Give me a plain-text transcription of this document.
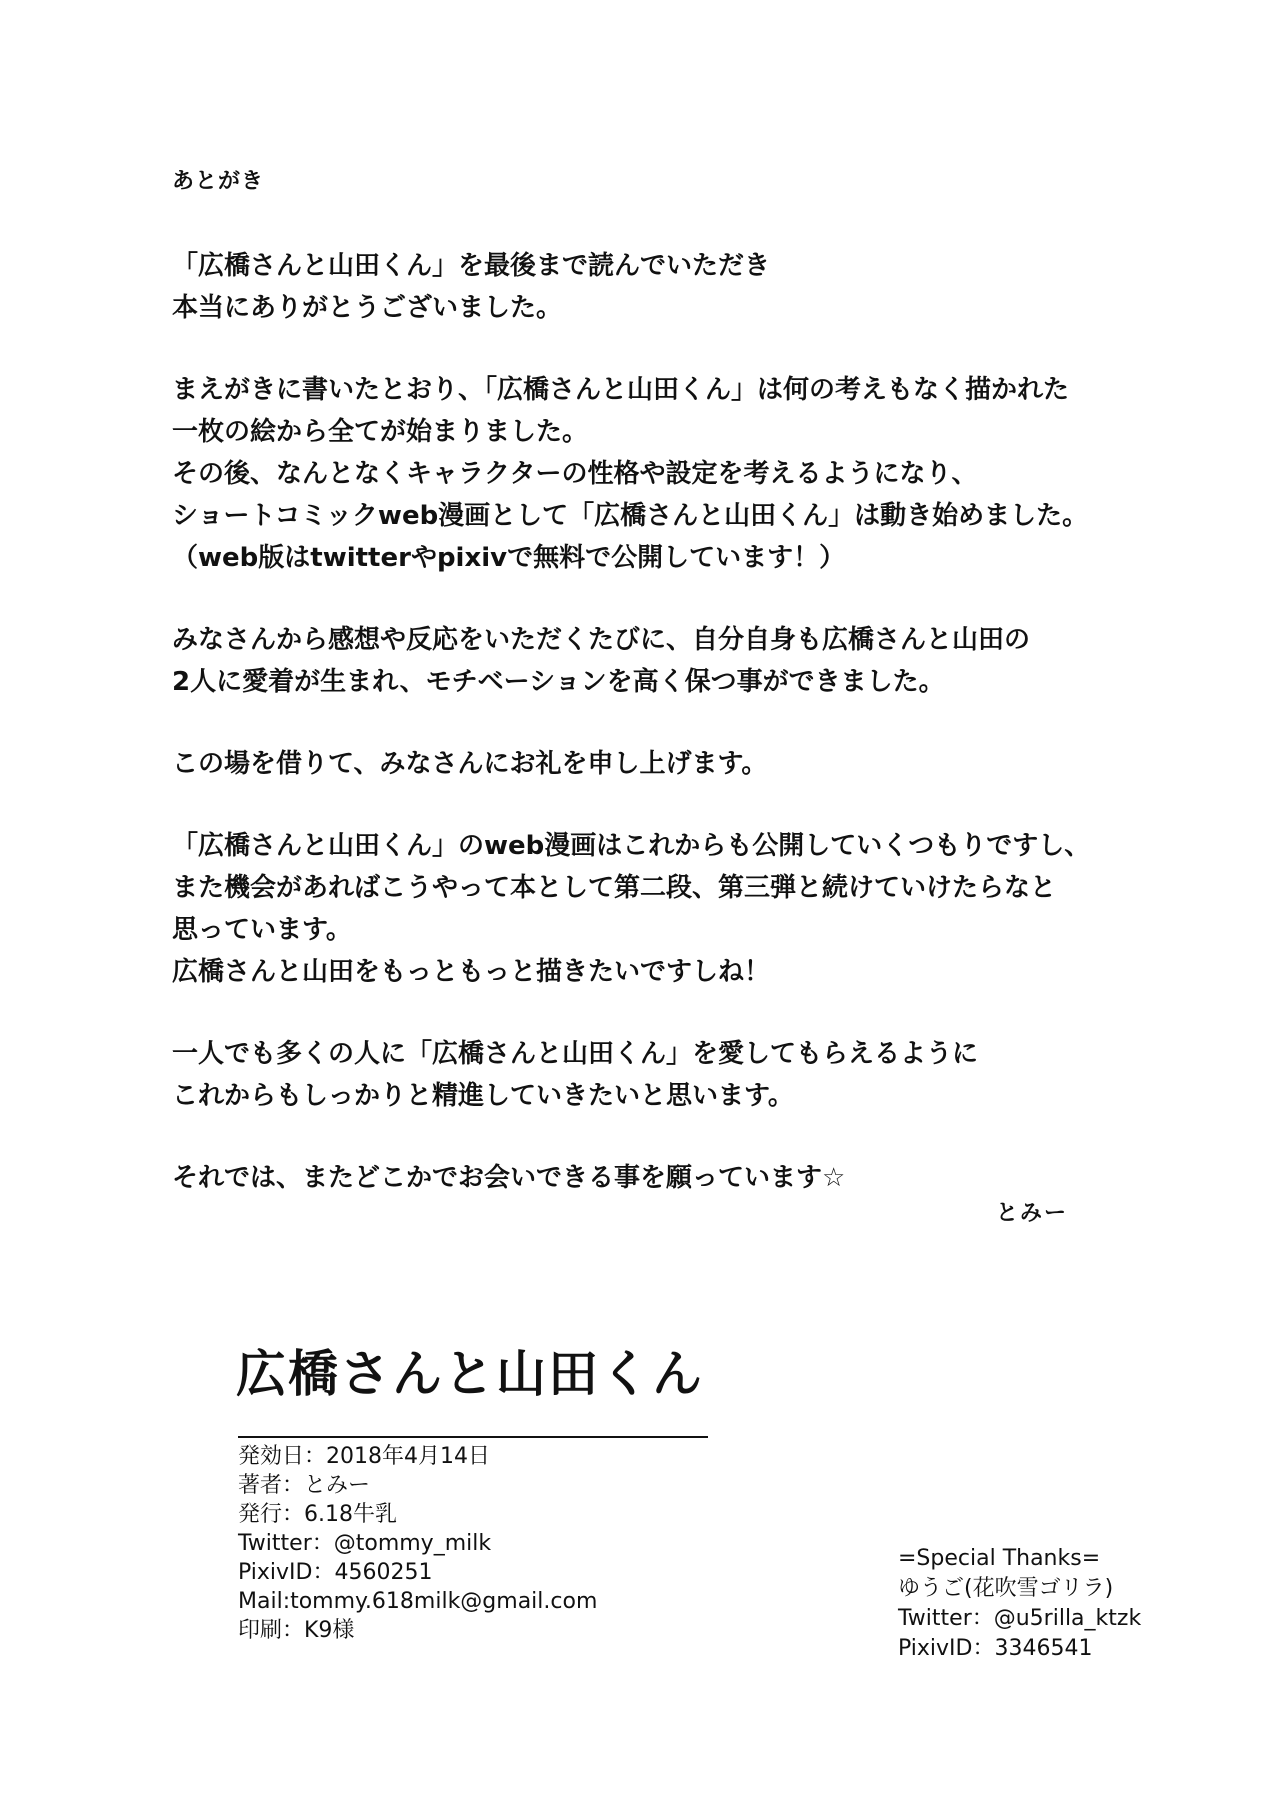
あとがき
「広橋さんと山田くん」を最後まで読んでいただき
本当にありがとうございました。
まえがきに書いたとおり、「広橋さんと山田くん」は何の考えもなく描かれた
一枚の絵から全てが始まりました。
その後、なんとなくキャラクターの性格や設定を考えるようになり、
ショートコミックweb漫画として「広橋さんと山田くん」は動き始めました。
（web版はtwitterやpixivで無料で公開しています！）
みなさんから感想や反応をいただくたびに、自分自身も広橋さんと山田の
2人に愛着が生まれ、モチベーションを高く保つ事ができました。
この場を借りて、みなさんにお礼を申し上げます。
「広橋さんと山田くん」のweb漫画はこれからも公開していくつもりですし、
また機会があればこうやって本として第二段、第三弾と続けていけたらなと
思っています。
広橋さんと山田をもっともっと描きたいですしね！
一人でも多くの人に「広橋さんと山田くん」を愛してもらえるように
これからもしっかりと精進していきたいと思います。
それでは、またどこかでお会いできる事を願っています☆
とみー
広橋さんと山田くん
発効日：2018年4月14日
著者：とみー
発行：6.18牛乳
Twitter：@tommy_milk
PixivID：4560251
Mail:tommy.618milk@gmail.com
印刷：K9様
=Special Thanks=
ゆうご(花吹雪ゴリラ)
Twitter：@u5rilla_ktzk
PixivID：3346541
